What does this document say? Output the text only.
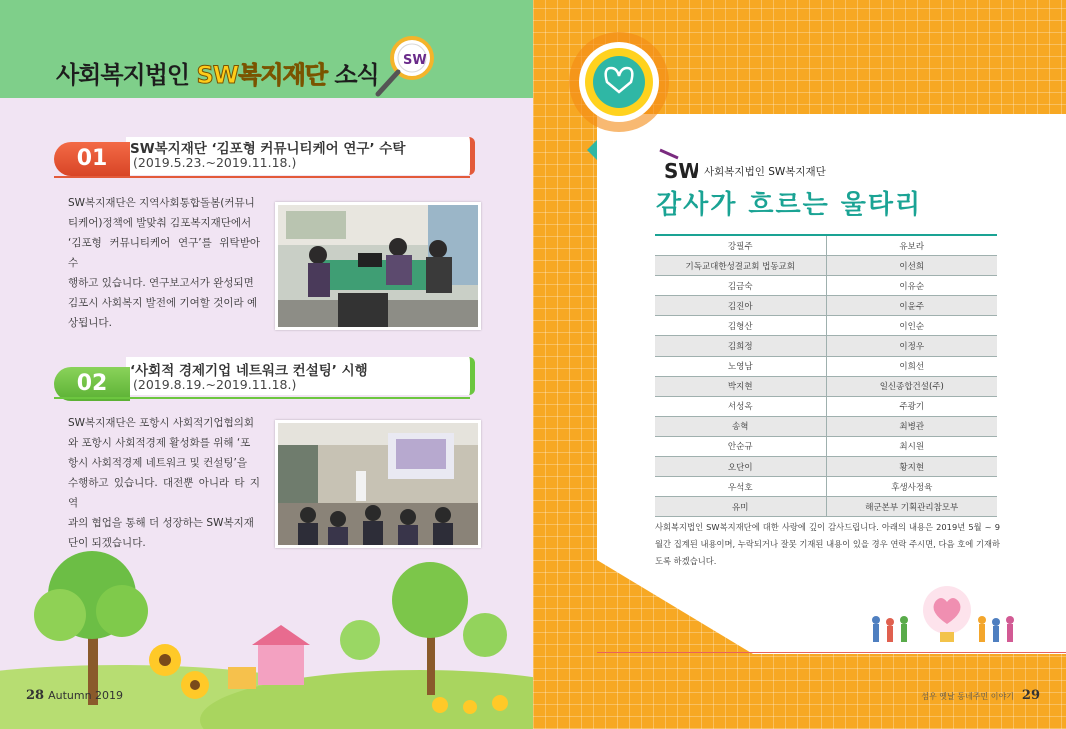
사회복지법인 SW복지재단 소식
SW
01	SW복지재단 ‘김포형 커뮤니티케어 연구’ 수탁
(2019.5.23.~2019.11.18.)
SW복지재단은 지역사회통합돌봄(커뮤니
티케어)정책에 발맞춰 김포복지재단에서
‘김포형 커뮤니티케어 연구’를 위탁받아 수
행하고 있습니다. 연구보고서가 완성되면
김포시 사회복지 발전에 기여할 것이라 예
상됩니다.
02	‘사회적 경제기업 네트워크 컨설팅’ 시행
(2019.8.19.~2019.11.18.)
SW복지재단은 포항시 사회적기업협의회
와 포항시 사회적경제 활성화를 위해 ‘포
항시 사회적경제 네트워크 및 컨설팅’을
수행하고 있습니다. 대전뿐 아니라 타 지역
과의 협업을 통해 더 성장하는 SW복지재
단이 되겠습니다.
28 Autumn 2019
SW 사회복지법인 SW복지재단
감사가 흐르는 울타리
강필주	유보라
기독교대한성결교회 법동교회	이선희
김금숙	이유순
김진아	이윤주
김형산	이인순
김희정	이정우
노영남	이희선
박지현	일신종합건설(주)
서성옥	주광기
송혁	최병관
안순규	최시원
오단이	황지현
우석호	후생사정육
유미	해군본부 기획관리참모부
사회복지법인 SW복지재단에 대한 사랑에 깊이 감사드립니다. 아래의 내용은 2019년 5월 ~ 9월간 집계된 내용이며, 누락되거나 잘못 기재된 내용이 있을 경우 연락 주시면, 다음 호에 기재하도록 하겠습니다.
섬우 옛날 동네주민 이야기 29
